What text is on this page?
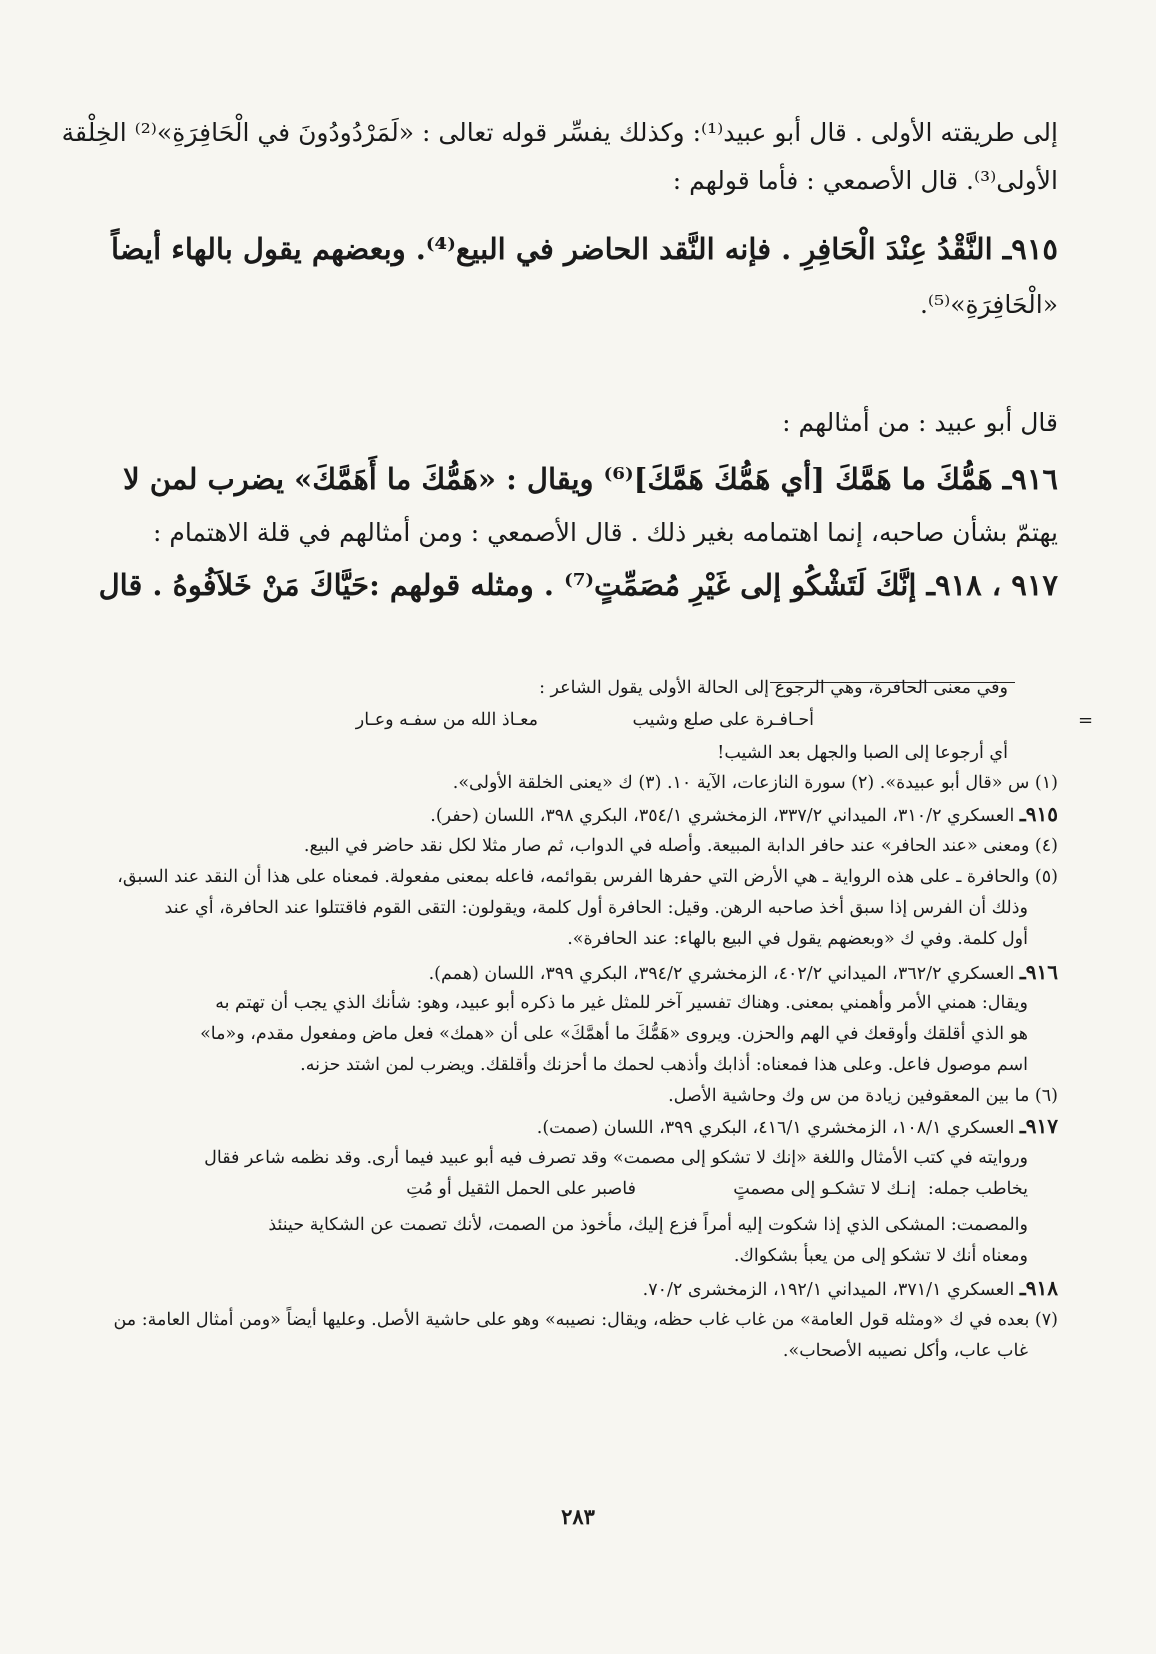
إلى طريقته الأولى . قال أبو عبيد⁽¹⁾: وكذلك يفسِّر قوله تعالى : «لَمَرْدُودُونَ في الْحَافِرَةِ»⁽²⁾ الخِلْقة
الأولى⁽³⁾. قال الأصمعي : فأما قولهم :
٩١٥ـ النَّقْدُ عِنْدَ الْحَافِرِ . فإنه النَّقد الحاضر في البيع⁽⁴⁾. وبعضهم يقول بالهاء أيضاً
«الْحَافِرَةِ»⁽⁵⁾.
قال أبو عبيد : من أمثالهم :
٩١٦ـ هَمُّكَ ما هَمَّكَ [أي هَمُّكَ هَمَّكَ]⁽⁶⁾ ويقال : «هَمُّكَ ما أَهَمَّكَ» يضرب لمن لا
يهتمّ بشأن صاحبه، إنما اهتمامه بغير ذلك . قال الأصمعي : ومن أمثالهم في قلة الاهتمام :
٩١٧ ، ٩١٨ـ إنَّكَ لَتَشْكُو إلى غَيْرِ مُصَمِّتٍ⁽⁷⁾ . ومثله قولهم :حَيَّاكَ مَنْ خَلاَفُوهُ . قال
=
وفي معنى الحافرة، وهي الرجوع إلى الحالة الأولى يقول الشاعر :
أحـافـرة على صلع وشيب
معـاذ الله من سفـه وعـار
أي أرجوعا إلى الصبا والجهل بعد الشيب!
(١) س «قال أبو عبيدة». (٢) سورة النازعات، الآية ١٠. (٣) ك «يعنى الخلقة الأولى».
٩١٥ـ العسكري ٣١٠/٢، الميداني ٣٣٧/٢، الزمخشري ٣٥٤/١، البكري ٣٩٨، اللسان (حفر).
(٤) ومعنى «عند الحافر» عند حافر الدابة المبيعة. وأصله في الدواب، ثم صار مثلا لكل نقد حاضر في البيع.
(٥) والحافرة ـ على هذه الرواية ـ هي الأرض التي حفرها الفرس بقوائمه، فاعله بمعنى مفعولة. فمعناه على هذا أن النقد عند السبق،
وذلك أن الفرس إذا سبق أخذ صاحبه الرهن. وقيل: الحافرة أول كلمة، ويقولون: التقى القوم فاقتتلوا عند الحافرة، أي عند
أول كلمة. وفي ك «وبعضهم يقول في البيع بالهاء: عند الحافرة».
٩١٦ـ العسكري ٣٦٢/٢، الميداني ٤٠٢/٢، الزمخشري ٣٩٤/٢، البكري ٣٩٩، اللسان (همم).
ويقال: همني الأمر وأهمني بمعنى. وهناك تفسير آخر للمثل غير ما ذكره أبو عبيد، وهو: شأنك الذي يجب أن تهتم به
هو الذي أقلقك وأوقعك في الهم والحزن. ويروى «هَمُّكَ ما أهمَّكَ» على أن «همك» فعل ماض ومفعول مقدم، و«ما»
اسم موصول فاعل. وعلى هذا فمعناه: أذابك وأذهب لحمك ما أحزنك وأقلقك. ويضرب لمن اشتد حزنه.
(٦) ما بين المعقوفين زيادة من س وك وحاشية الأصل.
٩١٧ـ العسكري ١٠٨/١، الزمخشري ٤١٦/١، البكري ٣٩٩، اللسان (صمت).
وروايته في كتب الأمثال واللغة «إنك لا تشكو إلى مصمت» وقد تصرف فيه أبو عبيد فيما أرى. وقد نظمه شاعر فقال
يخاطب جمله:
إنـك لا تشكـو إلى مصمتٍ
فاصبر على الحمل الثقيل أو مُتِ
والمصمت: المشكى الذي إذا شكوت إليه أمراً فزع إليك، مأخوذ من الصمت، لأنك تصمت عن الشكاية حينئذ
ومعناه أنك لا تشكو إلى من يعبأ بشكواك.
٩١٨ـ العسكري ٣٧١/١، الميداني ١٩٢/١، الزمخشرى ٧٠/٢.
(٧) بعده في ك «ومثله قول العامة» من غاب غاب حظه، ويقال: نصيبه» وهو على حاشية الأصل. وعليها أيضاً «ومن أمثال العامة: من
غاب عاب، وأكل نصيبه الأصحاب».
٢٨٣
